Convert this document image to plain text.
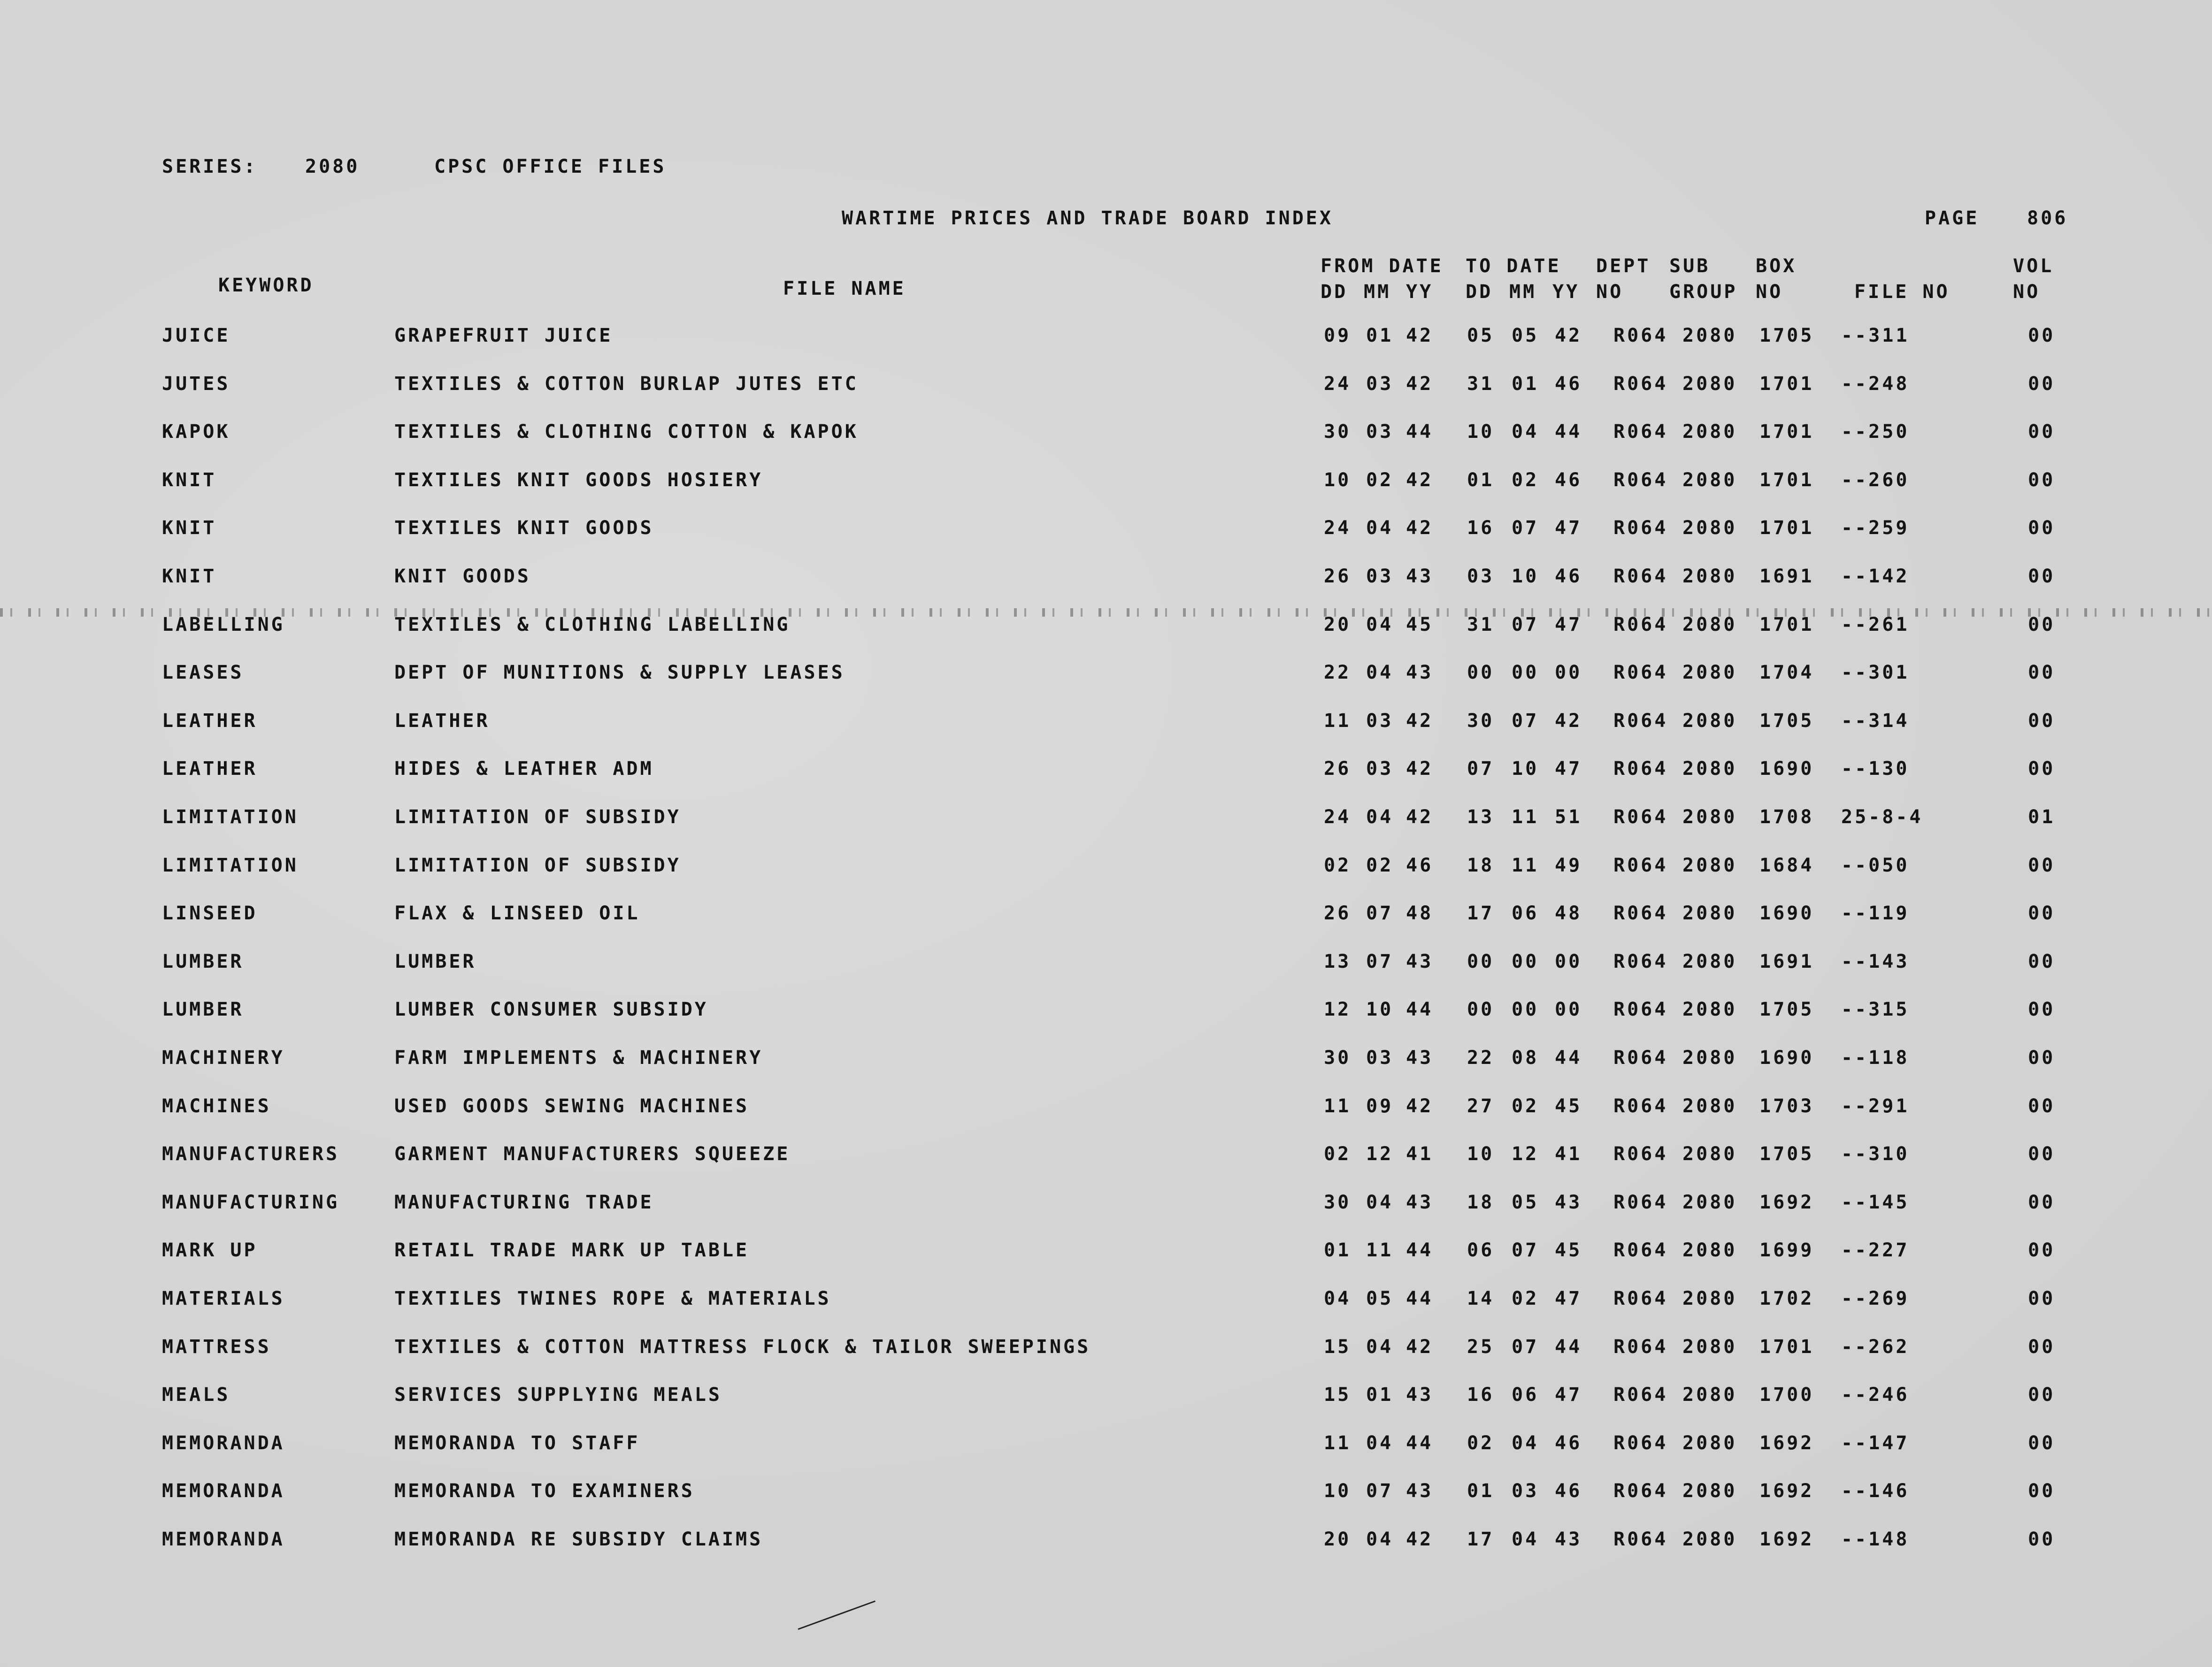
SERIES:	2080	CPSC OFFICE FILES
WARTIME PRICES AND TRADE BOARD INDEX	PAGE	806
FROM DATE TO DATE DEPT SUB BOX	VOL
KEYWORD	FILE NAME	DD MM YY DD MM YY NO GROUP NO	FILE NO	NO
JUICE	GRAPEFRUIT JUICE	09 01 42 05 05 42 R064 2080 1705 --311	00
JUTES	TEXTILES & COTTON BURLAP JUTES ETC	24 03 42 31 01 46 R064 2080 1701 --248	00
KAPOK	TEXTILES & CLOTHING COTTON & KAPOK	30 03 44 10 04 44 R064 2080 1701 --250	00
KNIT	TEXTILES KNIT GOODS HOSIERY	10 02 42 01 02 46 R064 2080 1701 --260	00
KNIT	TEXTILES KNIT GOODS	24 04 42 16 07 47 R064 2080 1701 --259	00
KNIT	KNIT GOODS	26 03 43 03 10 46 R064 2080 1691 --142	00
LABELLING	TEXTILES & CLOTHING LABELLING	20 04 45 31 07 47 R064 2080 1701 --261	00
LEASES	DEPT OF MUNITIONS & SUPPLY LEASES	22 04 43 00 00 00 R064 2080 1704 --301	00
LEATHER	LEATHER	11 03 42 30 07 42 R064 2080 1705 --314	00
LEATHER	HIDES & LEATHER ADM	26 03 42 07 10 47 R064 2080 1690 --130	00
LIMITATION	LIMITATION OF SUBSIDY	24 04 42 13 11 51 R064 2080 1708 25-8-4	01
LIMITATION	LIMITATION OF SUBSIDY	02 02 46 18 11 49 R064 2080 1684 --050	00
LINSEED	FLAX & LINSEED OIL	26 07 48 17 06 48 R064 2080 1690 --119	00
LUMBER	LUMBER	13 07 43 00 00 00 R064 2080 1691 --143	00
LUMBER	LUMBER CONSUMER SUBSIDY	12 10 44 00 00 00 R064 2080 1705 --315	00
MACHINERY	FARM IMPLEMENTS & MACHINERY	30 03 43 22 08 44 R064 2080 1690 --118	00
MACHINES	USED GOODS SEWING MACHINES	11 09 42 27 02 45 R064 2080 1703 --291	00
MANUFACTURERS	GARMENT MANUFACTURERS SQUEEZE	02 12 41 10 12 41 R064 2080 1705 --310	00
MANUFACTURING	MANUFACTURING TRADE	30 04 43 18 05 43 R064 2080 1692 --145	00
MARK UP	RETAIL TRADE MARK UP TABLE	01 11 44 06 07 45 R064 2080 1699 --227	00
MATERIALS	TEXTILES TWINES ROPE & MATERIALS	04 05 44 14 02 47 R064 2080 1702 --269	00
MATTRESS	TEXTILES & COTTON MATTRESS FLOCK & TAILOR SWEEPINGS	15 04 42 25 07 44 R064 2080 1701 --262	00
MEALS	SERVICES SUPPLYING MEALS	15 01 43 16 06 47 R064 2080 1700 --246	00
MEMORANDA	MEMORANDA TO STAFF	11 04 44 02 04 46 R064 2080 1692 --147	00
MEMORANDA	MEMORANDA TO EXAMINERS	10 07 43 01 03 46 R064 2080 1692 --146	00
MEMORANDA	MEMORANDA RE SUBSIDY CLAIMS	20 04 42 17 04 43 R064 2080 1692 --148	00
